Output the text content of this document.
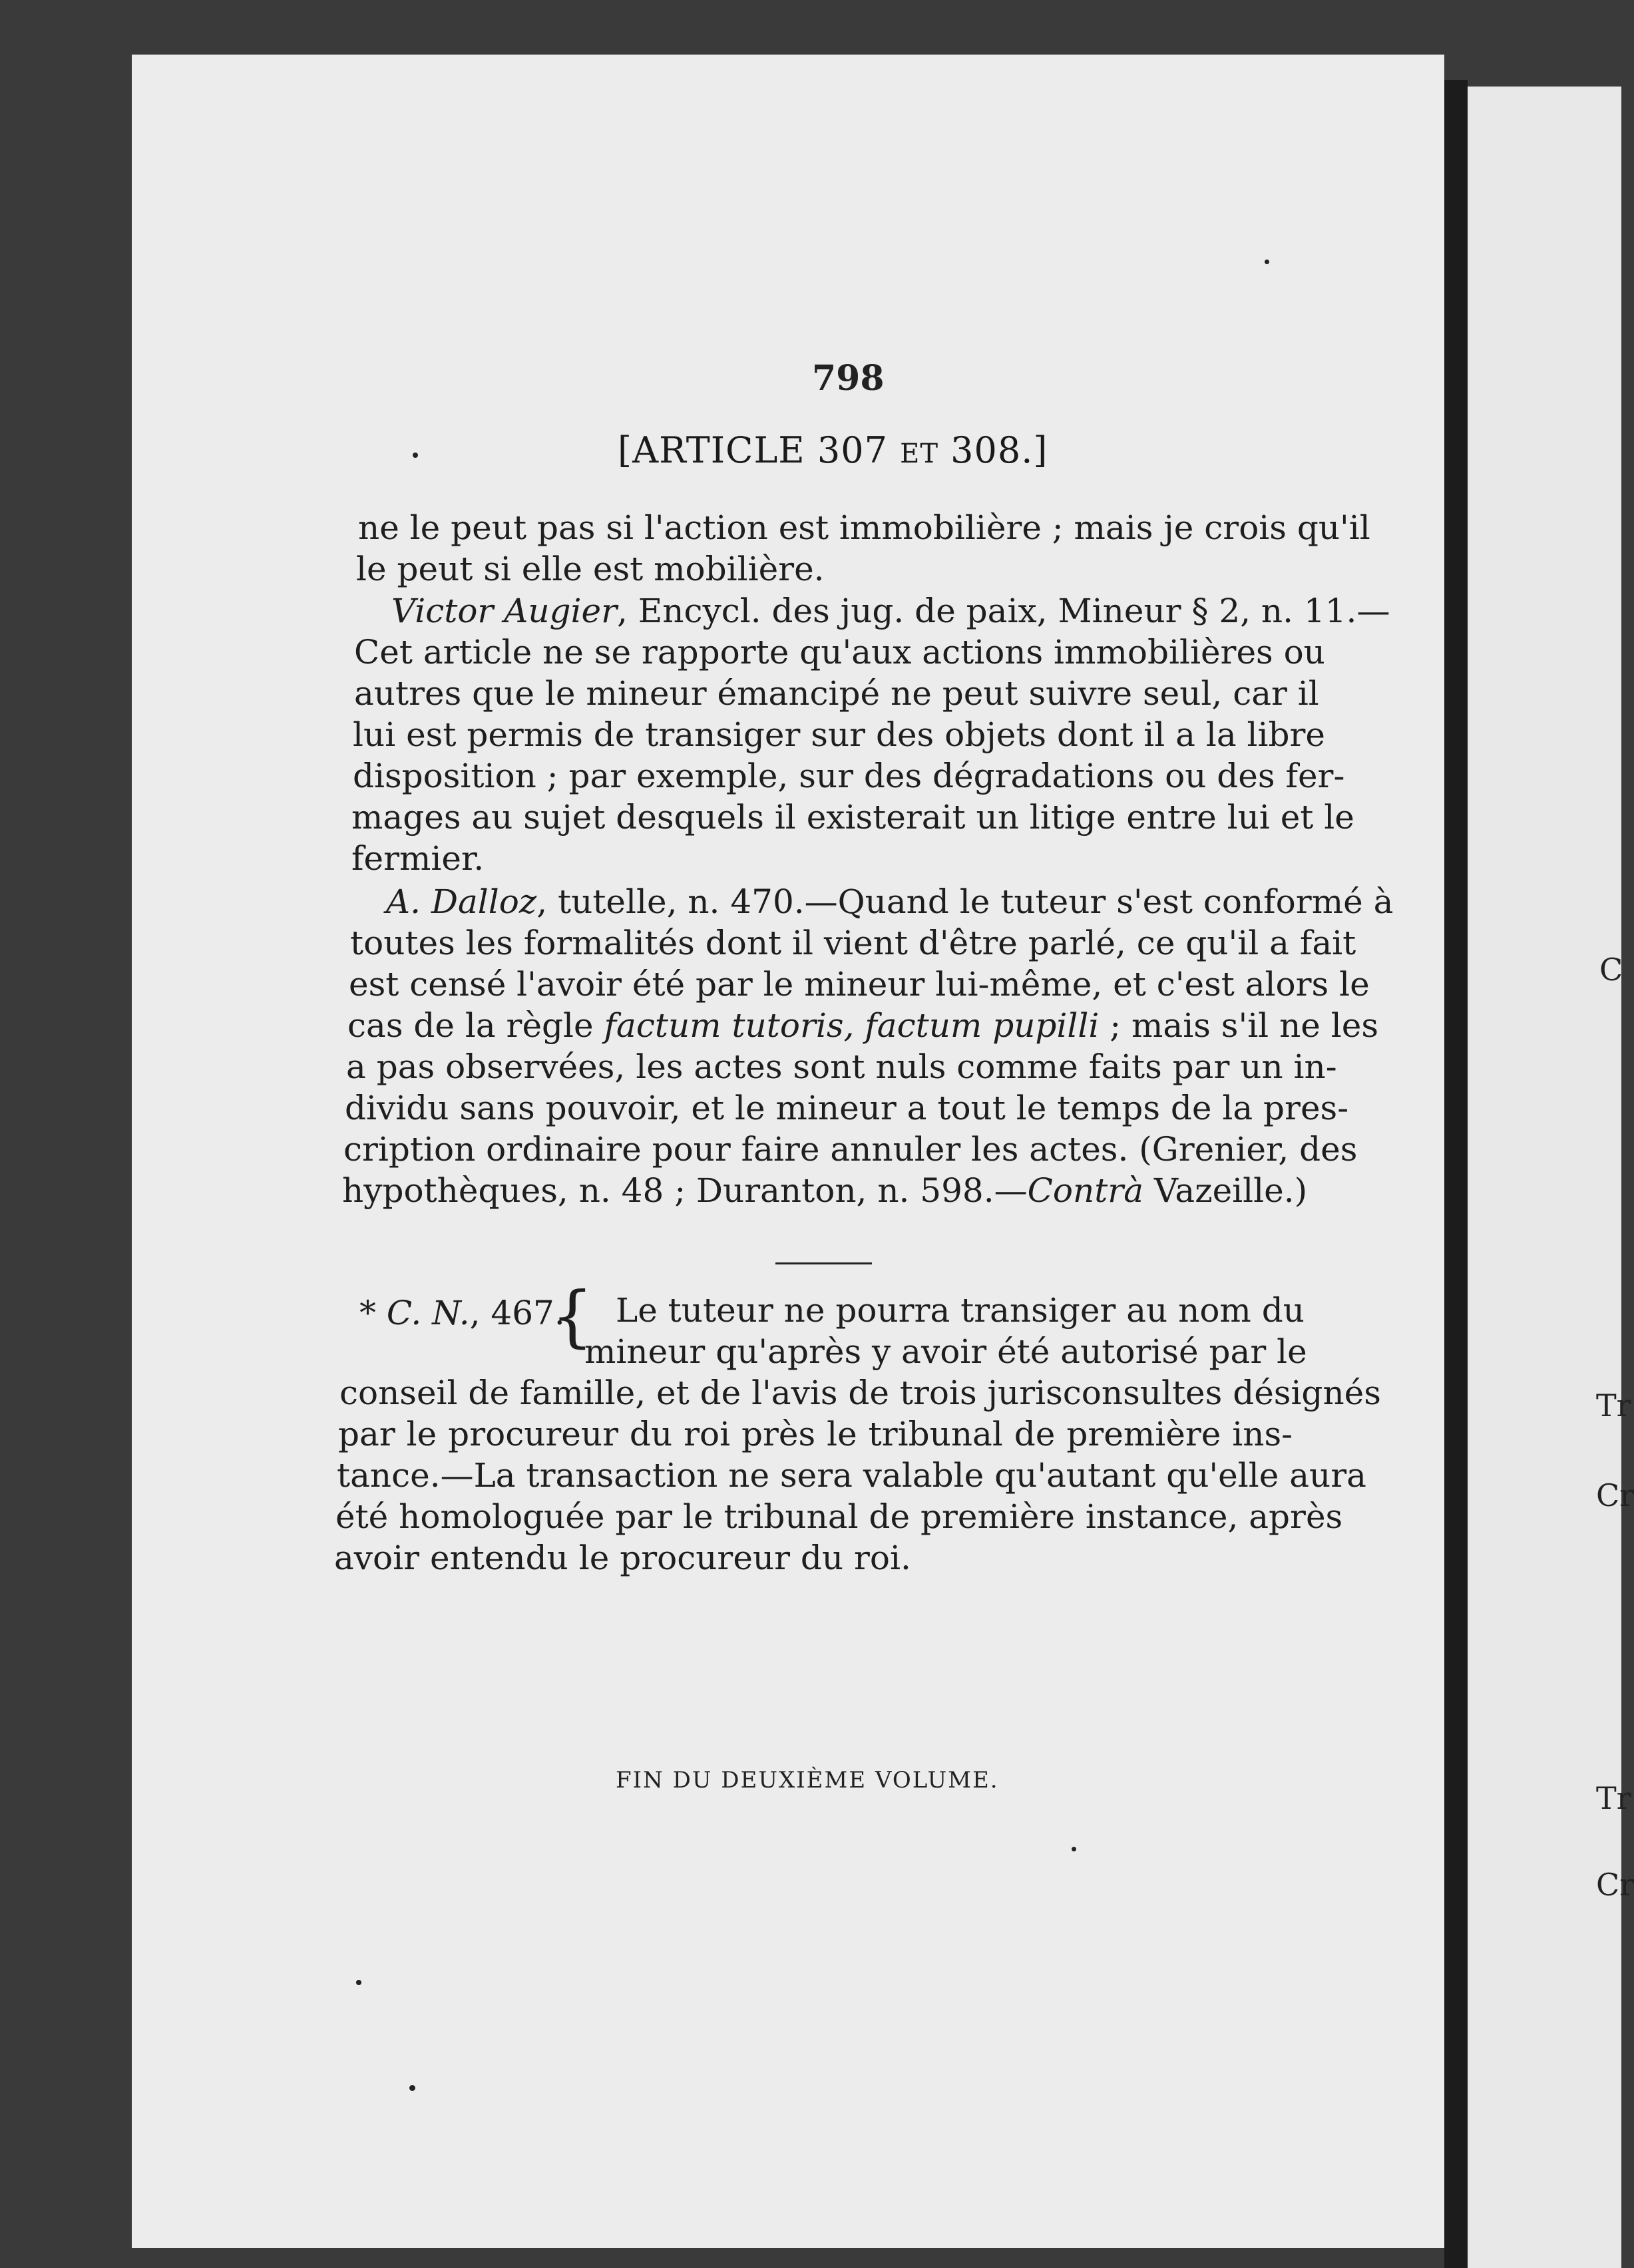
C
Tr
Cr
Tr
Cr
798
[ARTICLE 307 ET 308.]
ne le peut pas si l'action est immobilière ; mais je crois qu'il
le peut si elle est mobilière.
Victor Augier, Encycl. des jug. de paix, Mineur § 2, n. 11.—
Cet article ne se rapporte qu'aux actions immobilières ou
autres que le mineur émancipé ne peut suivre seul, car il
lui est permis de transiger sur des objets dont il a la libre
disposition ; par exemple, sur des dégradations ou des fer-
mages au sujet desquels il existerait un litige entre lui et le
fermier.
A. Dalloz, tutelle, n. 470.—Quand le tuteur s'est conformé à
toutes les formalités dont il vient d'être parlé, ce qu'il a fait
est censé l'avoir été par le mineur lui-même, et c'est alors le
cas de la règle factum tutoris, factum pupilli ; mais s'il ne les
a pas observées, les actes sont nuls comme faits par un in-
dividu sans pouvoir, et le mineur a tout le temps de la pres-
cription ordinaire pour faire annuler les actes. (Grenier, des
hypothèques, n. 48 ; Duranton, n. 598.—Contrà Vazeille.)
* C. N., 467.
{ Le tuteur ne pourra transiger au nom du
mineur qu'après y avoir été autorisé par le
conseil de famille, et de l'avis de trois jurisconsultes désignés
par le procureur du roi près le tribunal de première ins-
tance.—La transaction ne sera valable qu'autant qu'elle aura
été homologuée par le tribunal de première instance, après
avoir entendu le procureur du roi.
FIN DU DEUXIÈME VOLUME.
